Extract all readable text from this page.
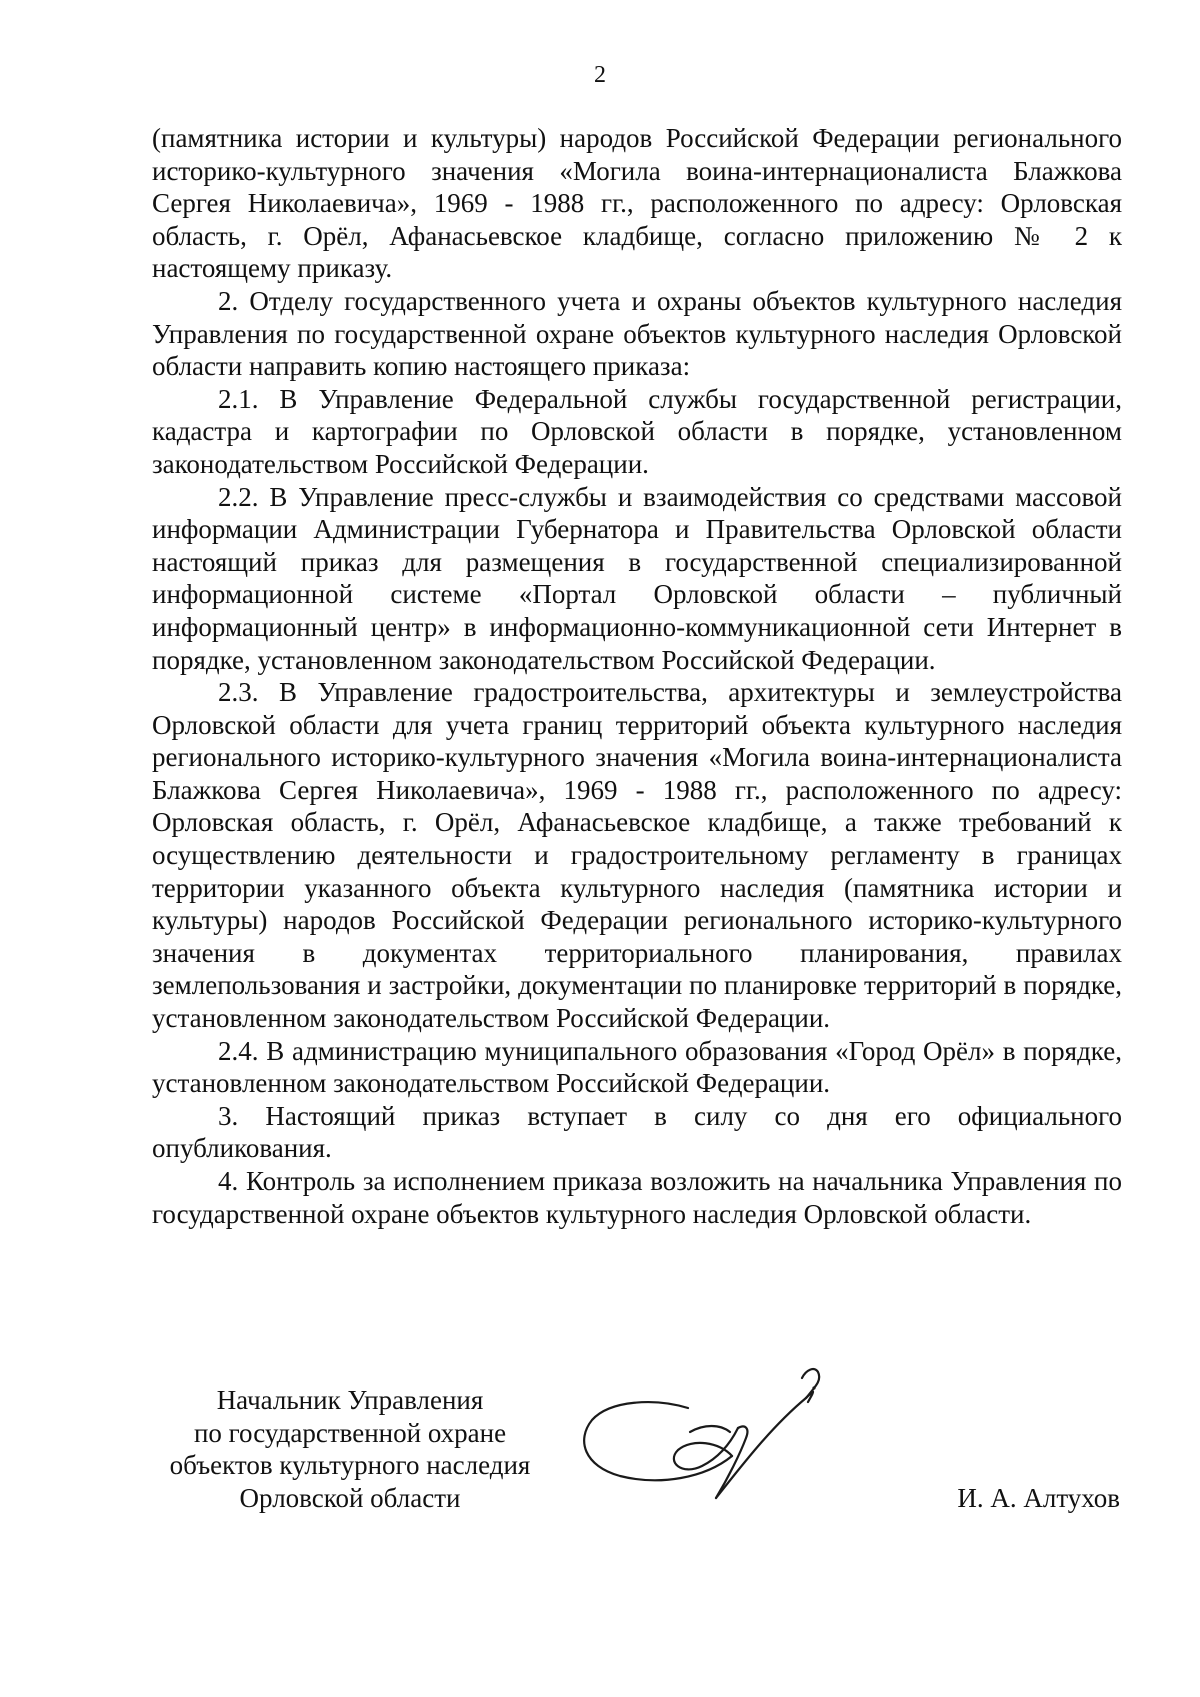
2

(памятника истории и культуры) народов Российской Федерации регионального историко-культурного значения «Могила воина-интернационалиста Блажкова Сергея Николаевича», 1969 - 1988 гг., расположенного по адресу: Орловская область, г. Орёл, Афанасьевское кладбище, согласно приложению № 2 к настоящему приказу.

2. Отделу государственного учета и охраны объектов культурного наследия Управления по государственной охране объектов культурного наследия Орловской области направить копию настоящего приказа:

2.1. В Управление Федеральной службы государственной регистрации, кадастра и картографии по Орловской области в порядке, установленном законодательством Российской Федерации.

2.2. В Управление пресс-службы и взаимодействия со средствами массовой информации Администрации Губернатора и Правительства Орловской области настоящий приказ для размещения в государственной специализированной информационной системе «Портал Орловской области – публичный информационный центр» в информационно-коммуникационной сети Интернет в порядке, установленном законодательством Российской Федерации.

2.3. В Управление градостроительства, архитектуры и землеустройства Орловской области для учета границ территорий объекта культурного наследия регионального историко-культурного значения «Могила воина-интернационалиста Блажкова Сергея Николаевича», 1969 - 1988 гг., расположенного по адресу: Орловская область, г. Орёл, Афанасьевское кладбище, а также требований к осуществлению деятельности и градостроительному регламенту в границах территории указанного объекта культурного наследия (памятника истории и культуры) народов Российской Федерации регионального историко-культурного значения в документах территориального планирования, правилах землепользования и застройки, документации по планировке территорий в порядке, установленном законодательством Российской Федерации.

2.4. В администрацию муниципального образования «Город Орёл» в порядке, установленном законодательством Российской Федерации.

3. Настоящий приказ вступает в силу со дня его официального опубликования.

4. Контроль за исполнением приказа возложить на начальника Управления по государственной охране объектов культурного наследия Орловской области.

Начальник Управления
по государственной охране
объектов культурного наследия
Орловской области	И. А. Алтухов
